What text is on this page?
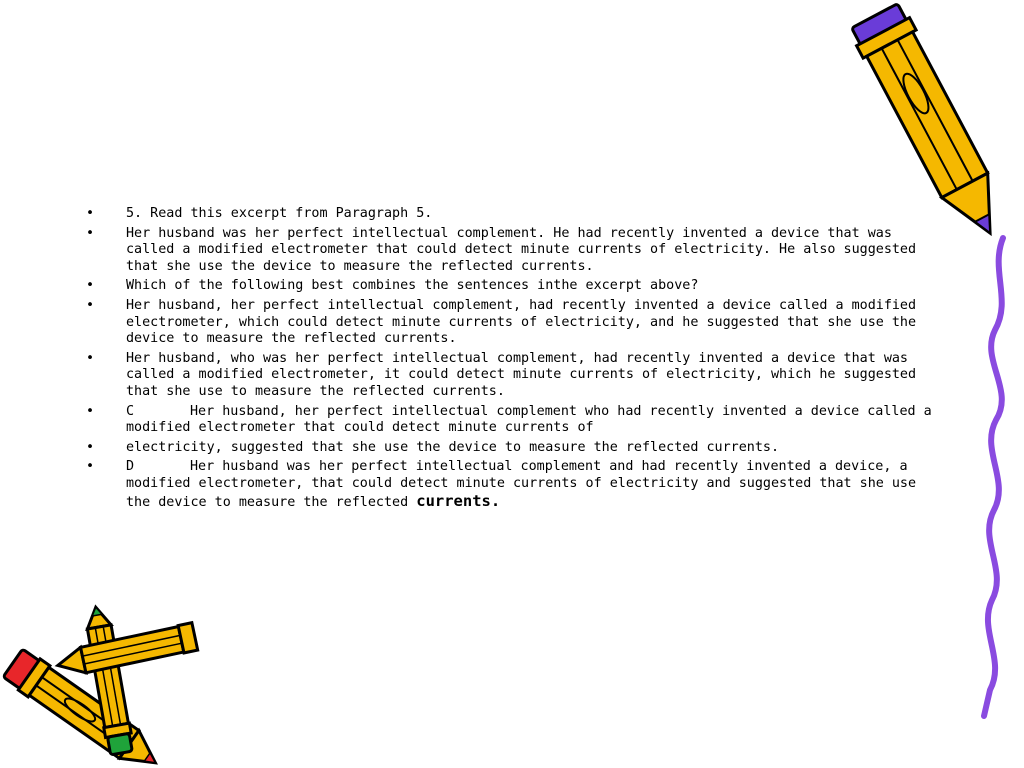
•	5. Read this excerpt from Paragraph 5.
•	Her husband was her perfect intellectual complement. He had recently invented a device that was called a modified electrometer that could detect minute currents of electricity. He also suggested that she use the device to measure the reflected currents.
•	Which of the following best combines the sentences inthe excerpt above?
•	Her husband, her perfect intellectual complement, had recently invented a device called a modified electrometer, which could detect minute currents of electricity, and he suggested that she use the device to measure the reflected currents.
•	Her husband, who was her perfect intellectual complement, had recently invented a device that was called a modified electrometer, it could detect minute currents of electricity, which he suggested that she use to measure the reflected currents.
•	C	Her husband, her perfect intellectual complement who had recently invented a device called a modified electrometer that could detect minute currents of
•	electricity, suggested that she use the device to measure the reflected currents.
•	D	Her husband was her perfect intellectual complement and had recently invented a device, a modified electrometer, that could detect minute currents of electricity and suggested that she use the device to measure the reflected currents.
